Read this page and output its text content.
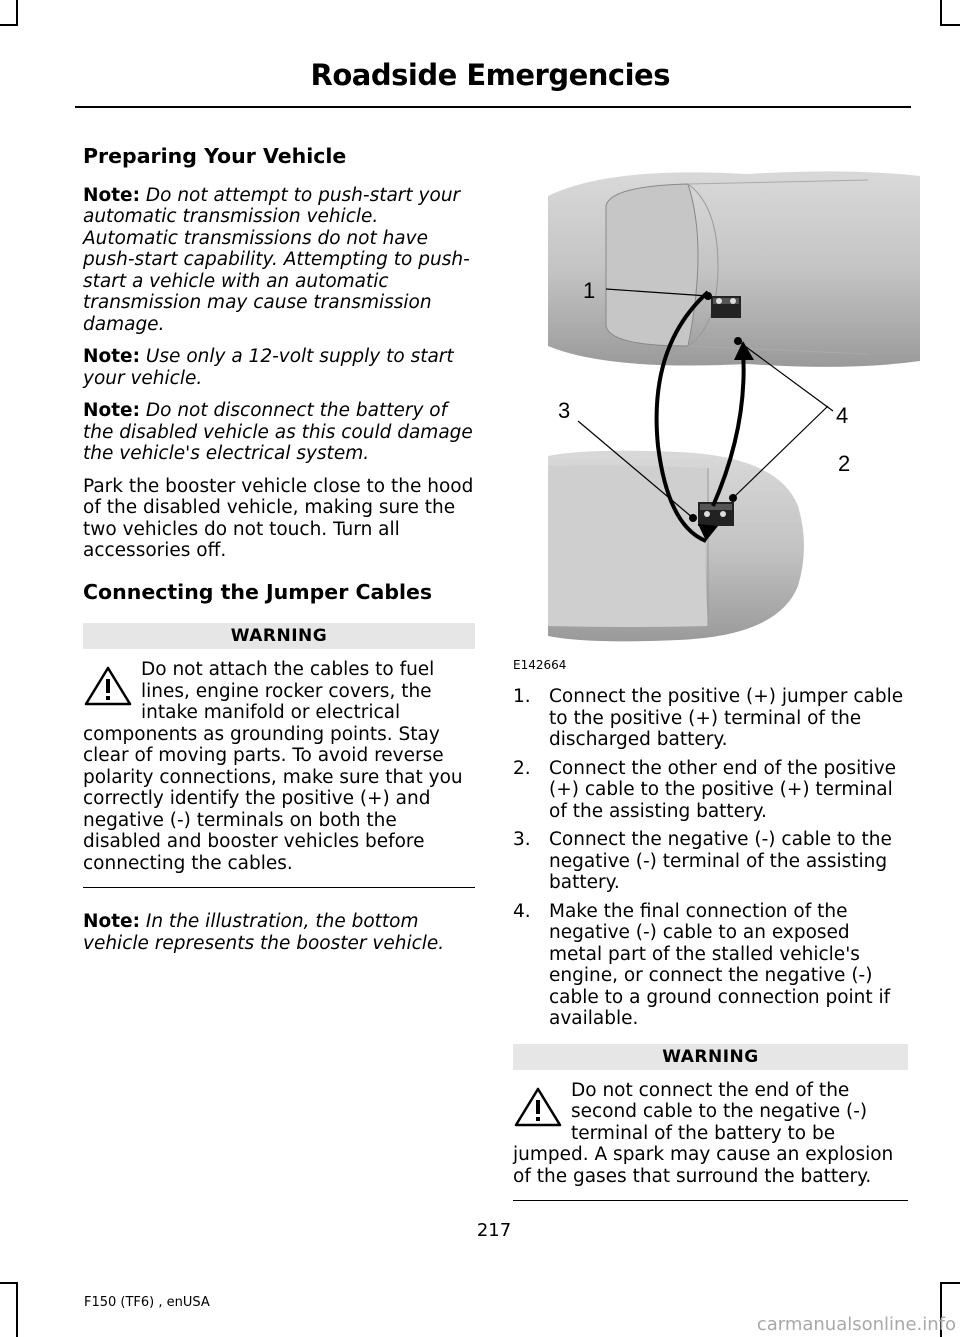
Roadside Emergencies
Preparing Your Vehicle

Note: Do not attempt to push-start your automatic transmission vehicle. Automatic transmissions do not have push-start capability. Attempting to push-start a vehicle with an automatic transmission may cause transmission damage.

Note: Use only a 12-volt supply to start your vehicle.

Note: Do not disconnect the battery of the disabled vehicle as this could damage the vehicle's electrical system.

Park the booster vehicle close to the hood of the disabled vehicle, making sure the two vehicles do not touch. Turn all accessories off.

Connecting the Jumper Cables
WARNING

Do not attach the cables to fuel lines, engine rocker covers, the intake manifold or electrical components as grounding points. Stay clear of moving parts. To avoid reverse polarity connections, make sure that you correctly identify the positive (+) and negative (-) terminals on both the disabled and booster vehicles before connecting the cables.

Note: In the illustration, the bottom vehicle represents the booster vehicle.

1
2
3	4
E142664
1. Connect the positive (+) jumper cable to the positive (+) terminal of the discharged battery.
2. Connect the other end of the positive (+) cable to the positive (+) terminal of the assisting battery.
3. Connect the negative (-) cable to the negative (-) terminal of the assisting battery.
4. Make the final connection of the negative (-) cable to an exposed metal part of the stalled vehicle's engine, or connect the negative (-) cable to a ground connection point if available.
WARNING

Do not connect the end of the second cable to the negative (-) terminal of the battery to be jumped. A spark may cause an explosion of the gases that surround the battery.

217
F150 (TF6) , enUSA
carmanualsonline.info
